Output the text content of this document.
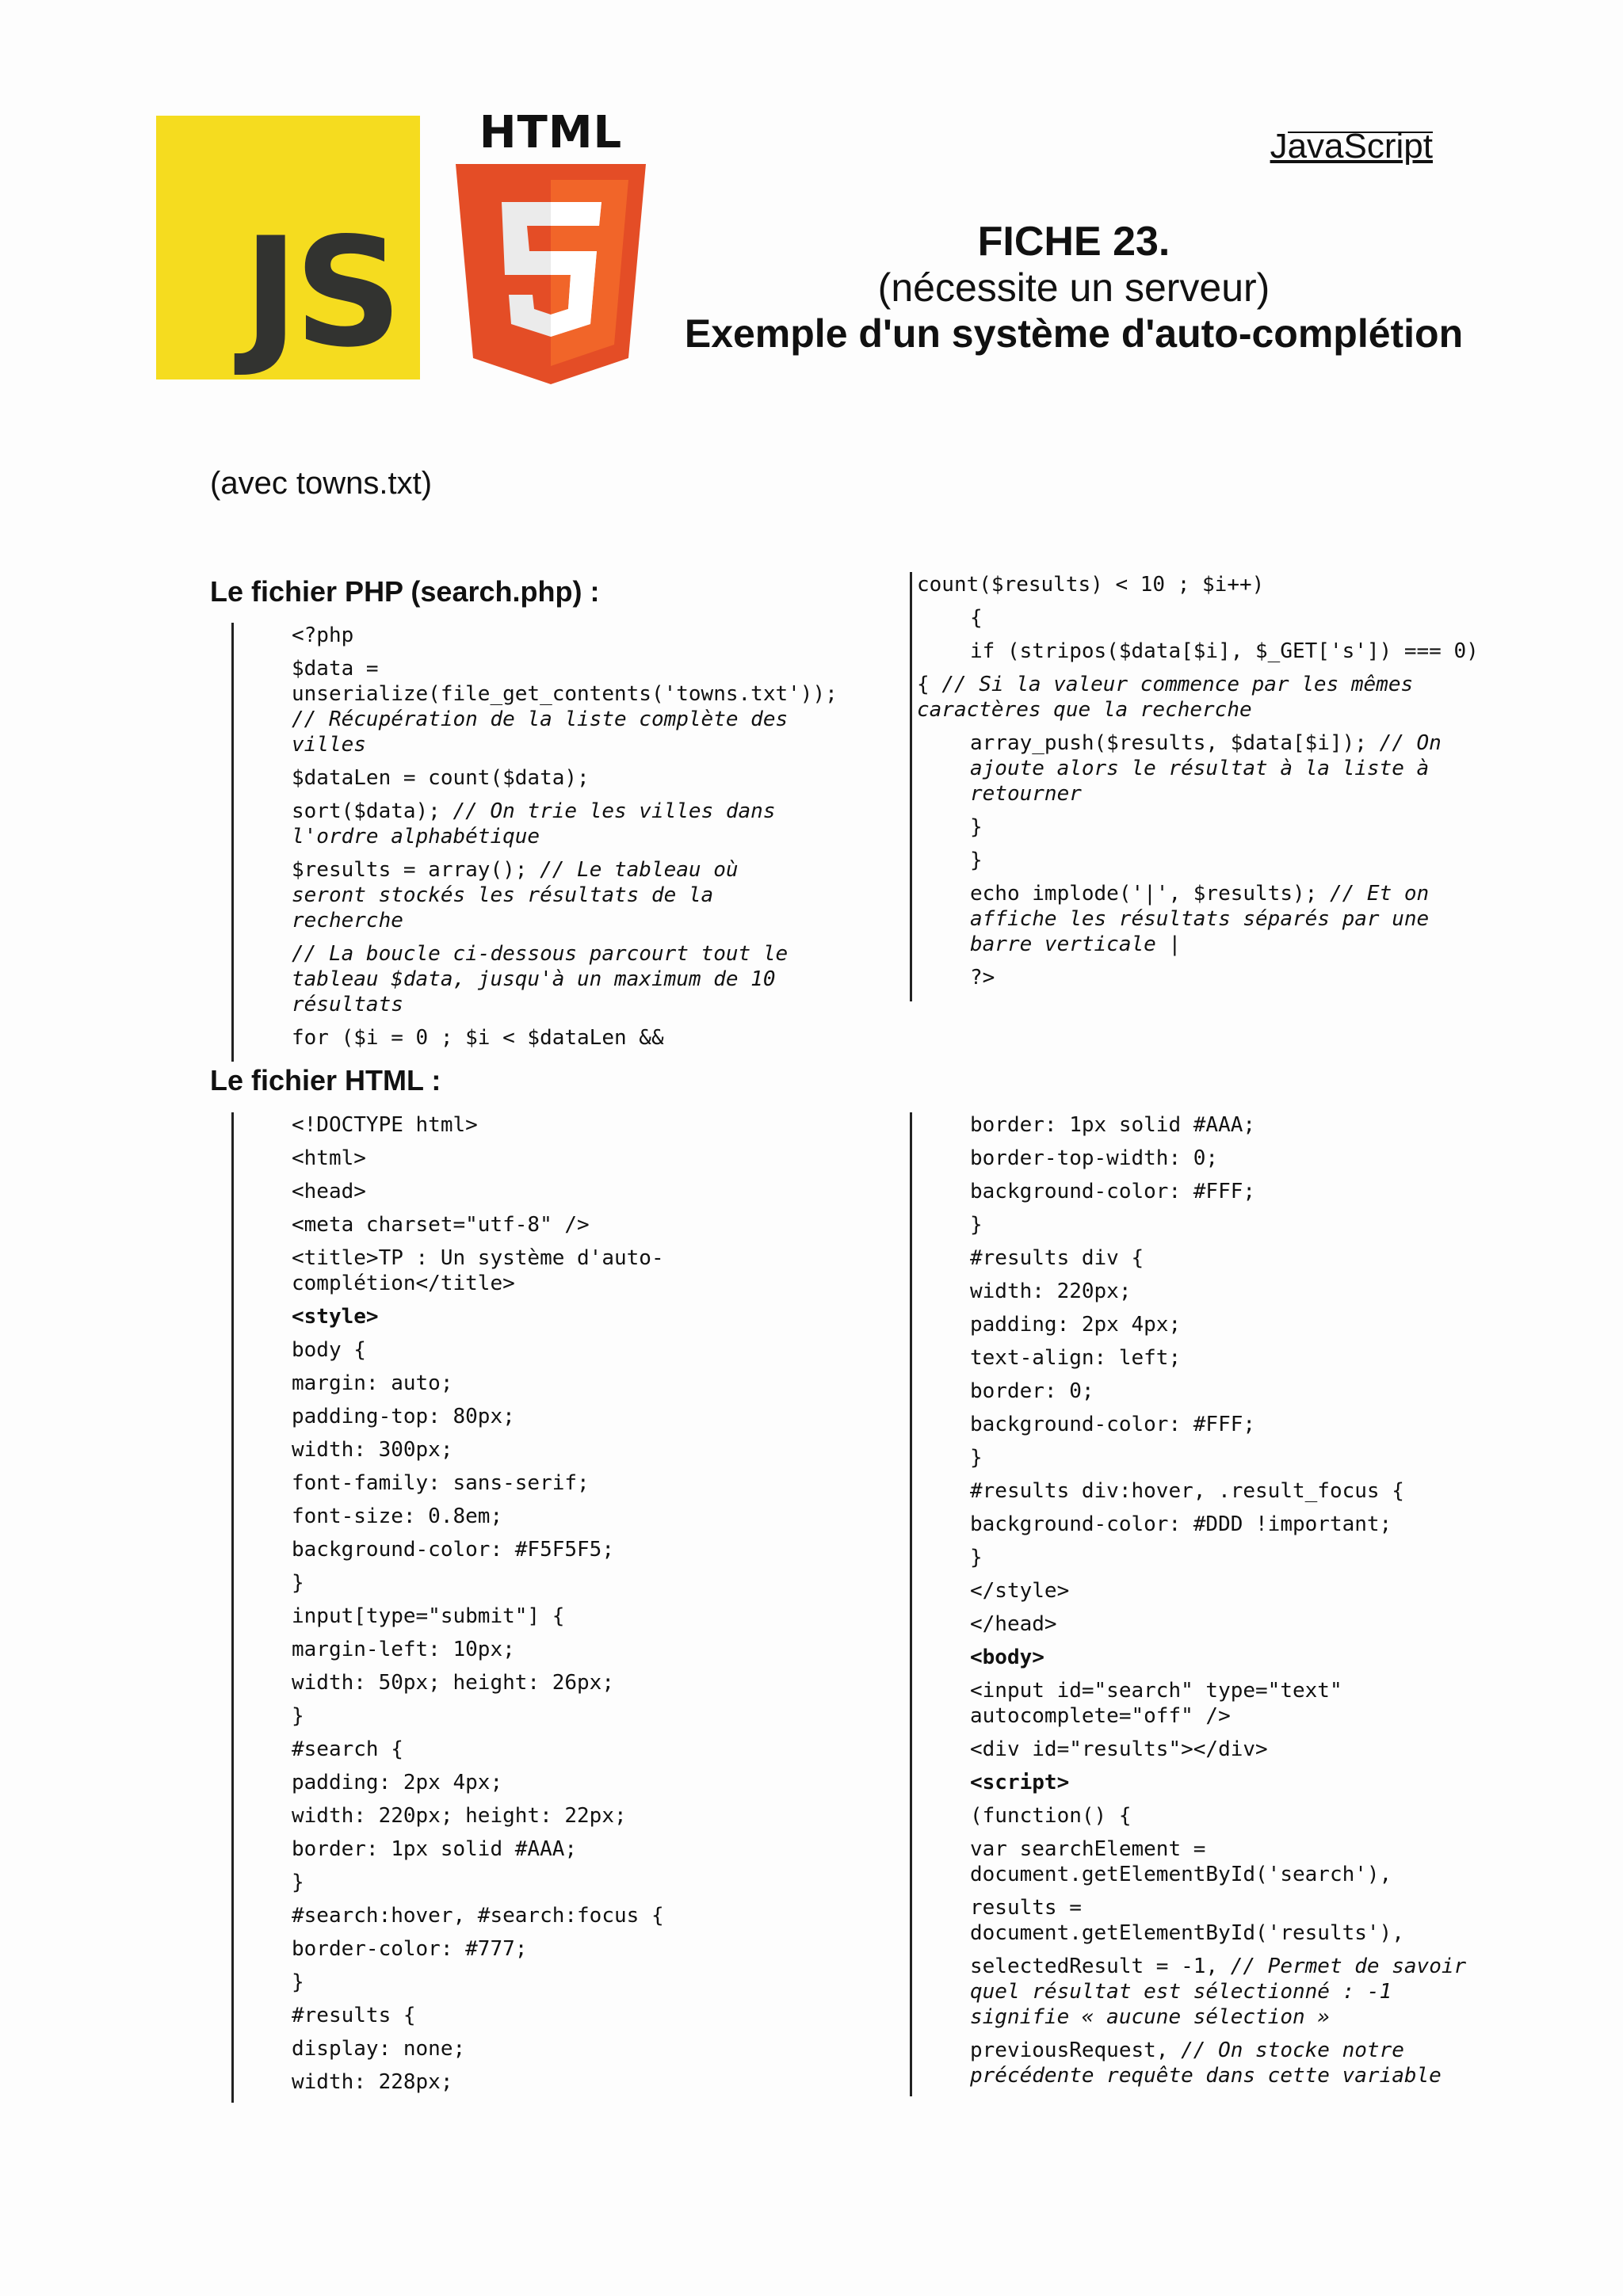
JS
HTML	JavaScript
FICHE 23.
(nécessite un serveur)
Exemple d'un système d'auto-complétion
(avec towns.txt)
Le fichier PHP (search.php) :
<?php
$data = unserialize(file_get_contents('towns.txt')); // Récupération de la liste complète des villes
$dataLen = count($data);
sort($data); // On trie les villes dans l'ordre alphabétique
$results = array(); // Le tableau où seront stockés les résultats de la recherche
// La boucle ci-dessous parcourt tout le tableau $data, jusqu'à un maximum de 10 résultats
for ($i = 0 ; $i < $dataLen &&
count($results) < 10 ; $i++)
{
if (stripos($data[$i], $_GET['s']) === 0)
{ // Si la valeur commence par les mêmes caractères que la recherche
array_push($results, $data[$i]); // On ajoute alors le résultat à la liste à retourner
}
}
echo implode('|', $results); // Et on affiche les résultats séparés par une barre verticale |
?>
Le fichier HTML :
<!DOCTYPE html>
<html>
<head>
<meta charset="utf-8" />
<title>TP : Un système d'auto-complétion</title>
<style>
body {
margin: auto;
padding-top: 80px;
width: 300px;
font-family: sans-serif;
font-size: 0.8em;
background-color: #F5F5F5;
}
input[type="submit"] {
margin-left: 10px;
width: 50px; height: 26px;
}
#search {
padding: 2px 4px;
width: 220px; height: 22px;
border: 1px solid #AAA;
}
#search:hover, #search:focus {
border-color: #777;
}
#results {
display: none;
width: 228px;
border: 1px solid #AAA;
border-top-width: 0;
background-color: #FFF;
}
#results div {
width: 220px;
padding: 2px 4px;
text-align: left;
border: 0;
background-color: #FFF;
}
#results div:hover, .result_focus {
background-color: #DDD !important;
}
</style>
</head>
<body>
<input id="search" type="text" autocomplete="off" />
<div id="results"></div>
<script>
(function() {
var searchElement = document.getElementById('search'),
results = document.getElementById('results'),
selectedResult = -1, // Permet de savoir quel résultat est sélectionné : -1 signifie « aucune sélection »
previousRequest, // On stocke notre précédente requête dans cette variable
